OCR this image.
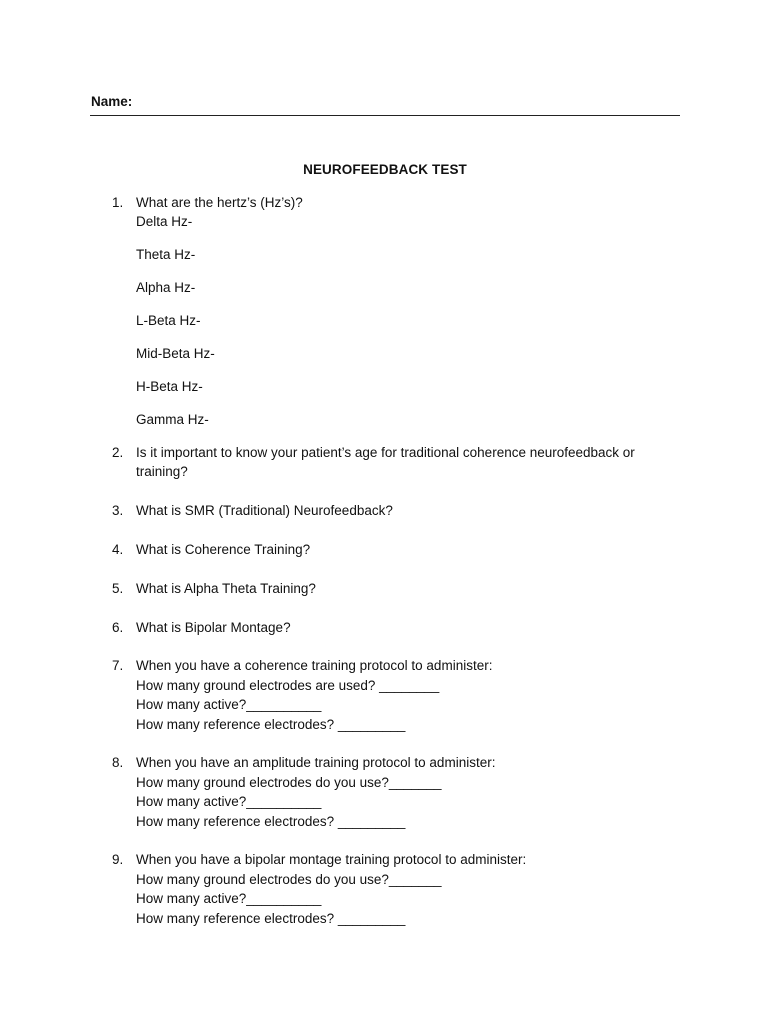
Name:
NEUROFEEDBACK TEST
1. What are the hertz’s (Hz’s)?
Delta Hz-
Theta Hz-
Alpha Hz-
L-Beta Hz-
Mid-Beta Hz-
H-Beta Hz-
Gamma Hz-
2. Is it important to know your patient’s age for traditional coherence neurofeedback or
training?
3. What is SMR (Traditional) Neurofeedback?
4. What is Coherence Training?
5. What is Alpha Theta Training?
6. What is Bipolar Montage?
7. When you have a coherence training protocol to administer:
How many ground electrodes are used? ________
How many active?__________
How many reference electrodes? _________
8. When you have an amplitude training protocol to administer:
How many ground electrodes do you use?_______
How many active?__________
How many reference electrodes? _________
9. When you have a bipolar montage training protocol to administer:
How many ground electrodes do you use?_______
How many active?__________
How many reference electrodes? _________
